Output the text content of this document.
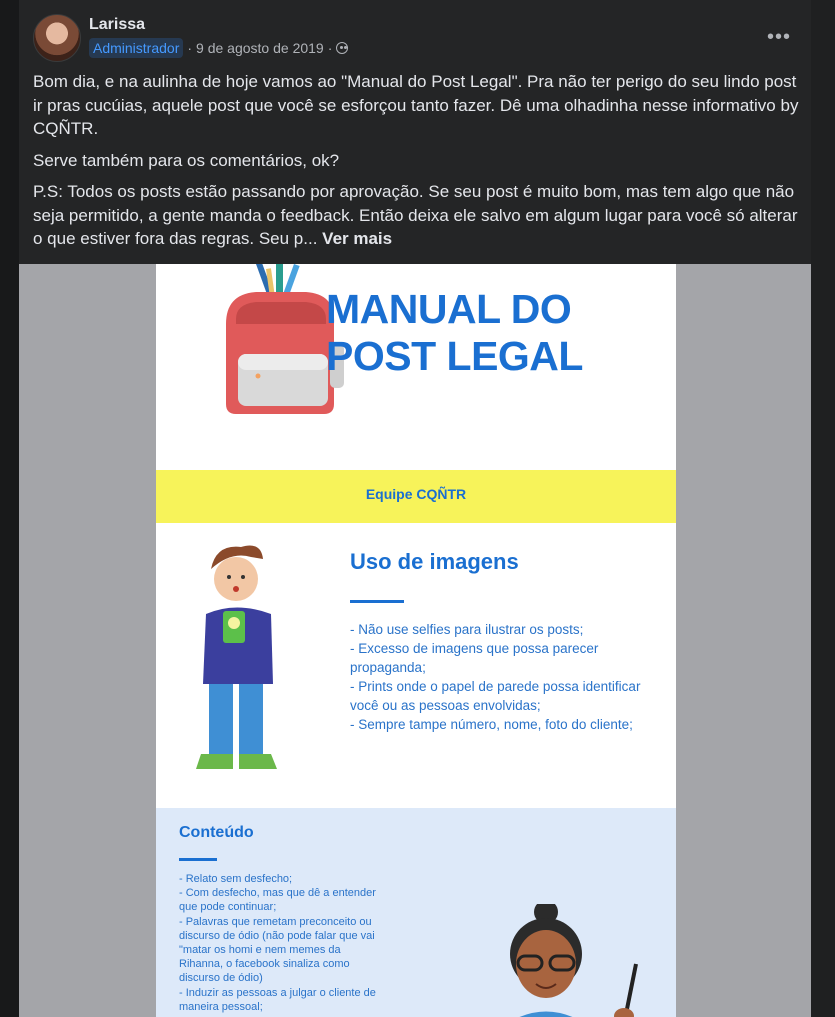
Larissa
Administrador · 9 de agosto de 2019 ·	•••

Bom dia, e na aulinha de hoje vamos ao "Manual do Post Legal". Pra não ter perigo do seu lindo post ir pras cucúias, aquele post que você se esforçou tanto fazer. Dê uma olhadinha nesse informativo by CQÑTR.

Serve também para os comentários, ok?

P.S: Todos os posts estão passando por aprovação. Se seu post é muito bom, mas tem algo que não seja permitido, a gente manda o feedback. Então deixa ele salvo em algum lugar para você só alterar o que estiver fora das regras. Seu p... Ver mais

MANUAL DO
POST LEGAL
Equipe CQÑTR
Uso de imagens
- Não use selfies para ilustrar os posts;
- Excesso de imagens que possa parecer propaganda;
- Prints onde o papel de parede possa identificar você ou as pessoas envolvidas;
- Sempre tampe número, nome, foto do cliente;
Conteúdo
- Relato sem desfecho;
- Com desfecho, mas que dê a entender que pode continuar;
- Palavras que remetam preconceito ou discurso de ódio (não pode falar que vai "matar os homi e nem memes da Rihanna, o facebook sinaliza como discurso de ódio)
- Induzir as pessoas a julgar o cliente de maneira pessoal;
